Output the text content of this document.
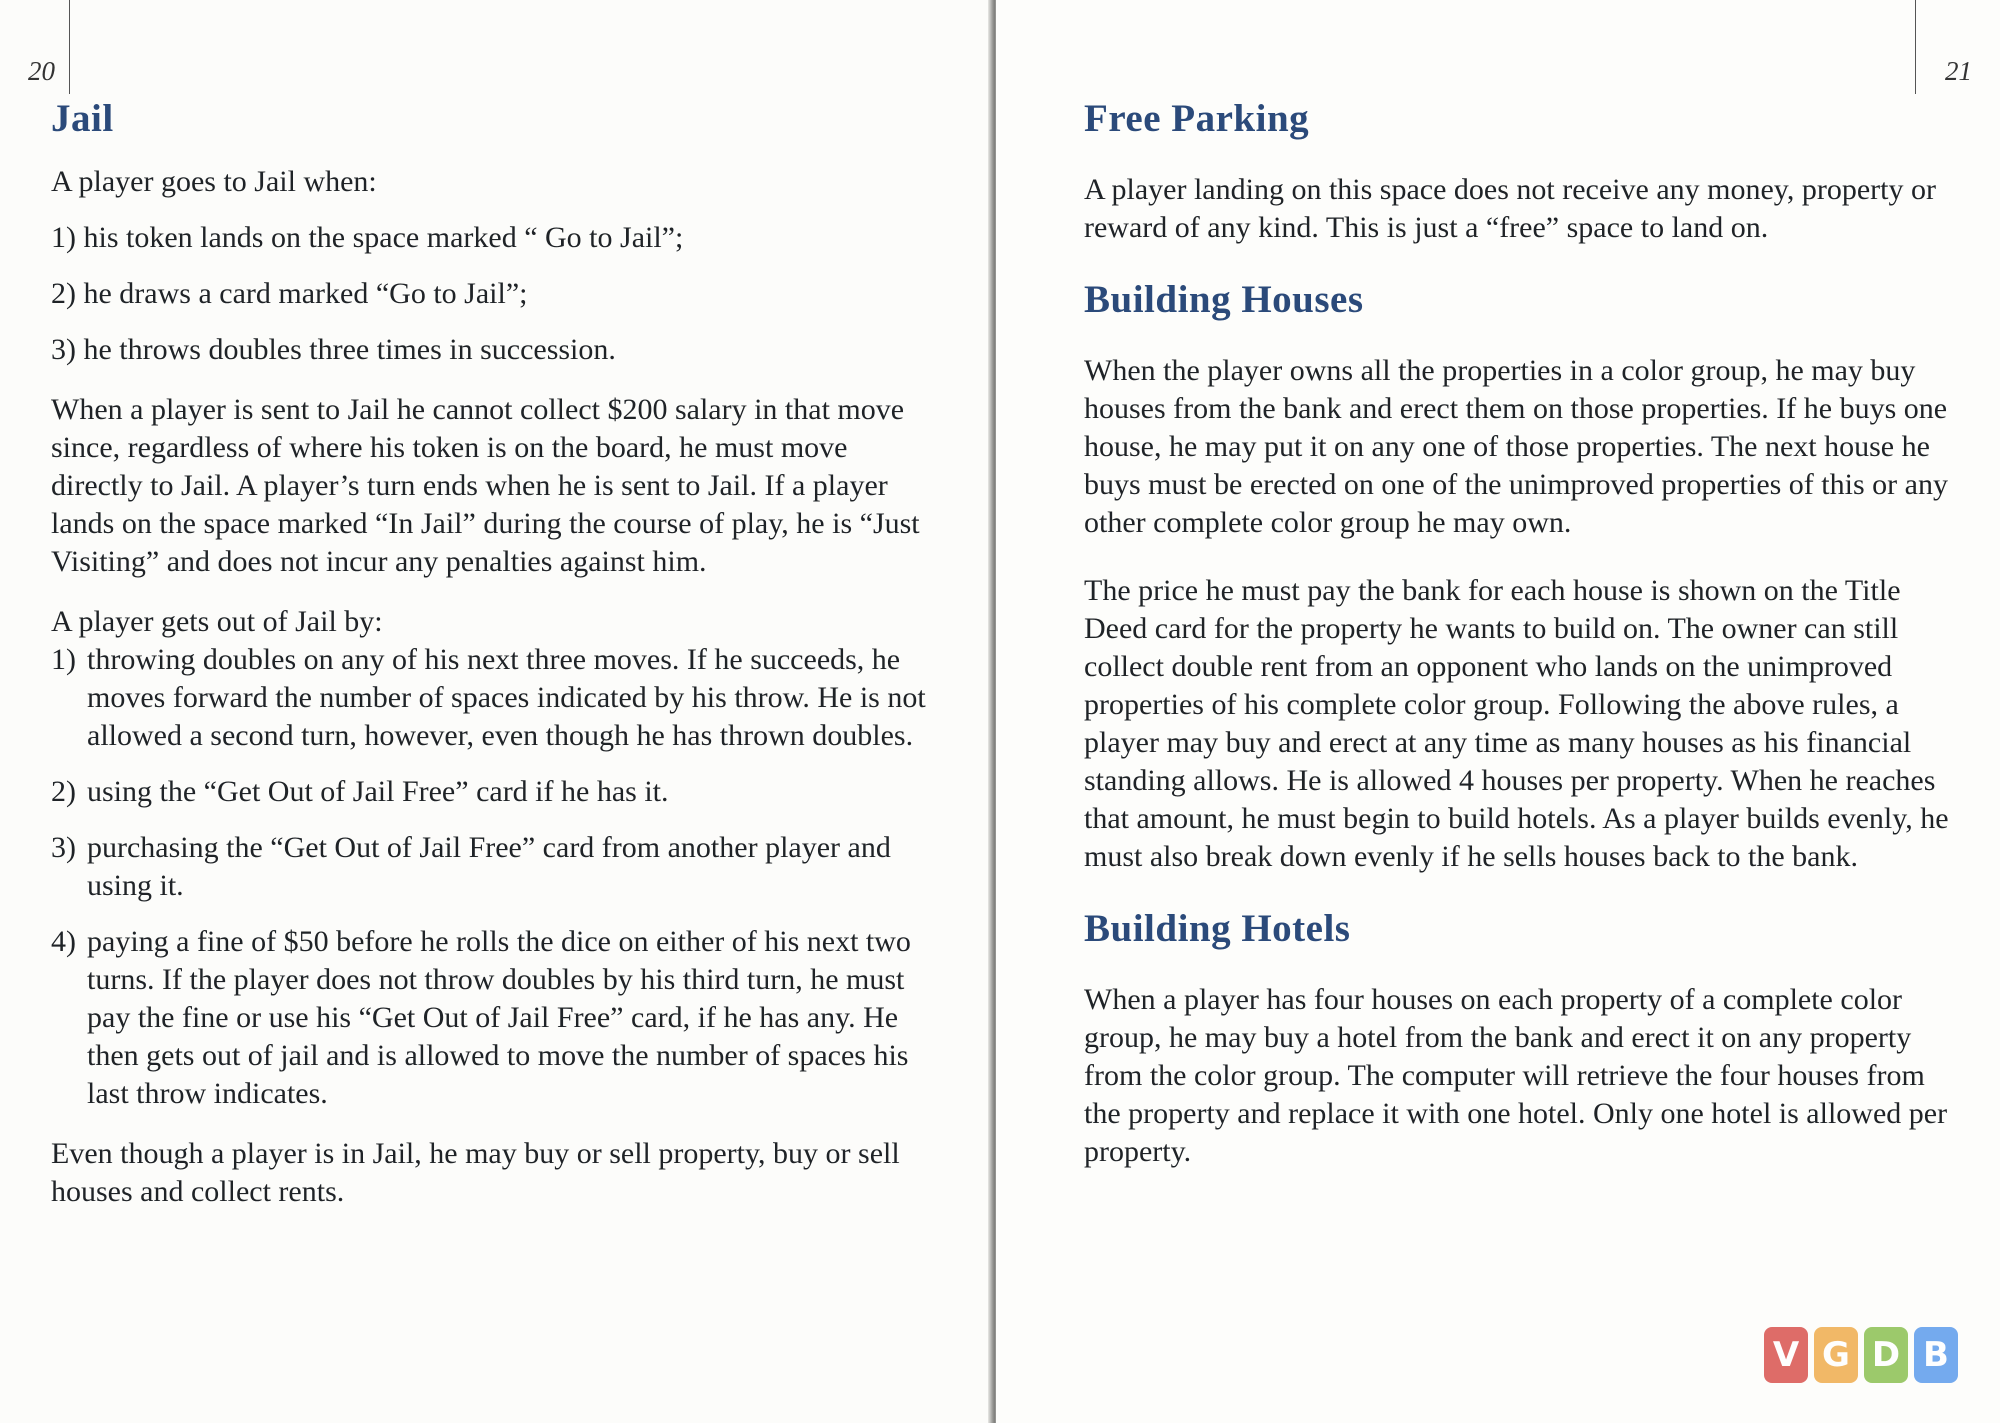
20
Jail

A player goes to Jail when:

1) his token lands on the space marked “ Go to Jail”;

2) he draws a card marked “Go to Jail”;

3) he throws doubles three times in succession.

When a player is sent to Jail he cannot collect $200 salary in that move since, regardless of where his token is on the board, he must move directly to Jail. A player’s turn ends when he is sent to Jail. If a player lands on the space marked “In Jail” during the course of play, he is “Just Visiting” and does not incur any penalties against him.

A player gets out of Jail by:

1) throwing doubles on any of his next three moves. If he succeeds, he moves forward the number of spaces indicated by his throw. He is not allowed a second turn, however, even though he has thrown doubles.
2) using the “Get Out of Jail Free” card if he has it.
3) purchasing the “Get Out of Jail Free” card from another player and using it.
4) paying a fine of $50 before he rolls the dice on either of his next two turns. If the player does not throw doubles by his third turn, he must pay the fine or use his “Get Out of Jail Free” card, if he has any. He then gets out of jail and is allowed to move the number of spaces his last throw indicates.

Even though a player is in Jail, he may buy or sell property, buy or sell houses and collect rents.

21
Free Parking

A player landing on this space does not receive any money, property or reward of any kind. This is just a “free” space to land on.

Building Houses

When the player owns all the properties in a color group, he may buy houses from the bank and erect them on those properties. If he buys one house, he may put it on any one of those properties. The next house he buys must be erected on one of the unimproved properties of this or any other complete color group he may own.

The price he must pay the bank for each house is shown on the Title Deed card for the property he wants to build on. The owner can still collect double rent from an opponent who lands on the unimproved properties of his complete color group. Following the above rules, a player may buy and erect at any time as many houses as his financial standing allows. He is allowed 4 houses per property. When he reaches that amount, he must begin to build hotels. As a player builds evenly, he must also break down evenly if he sells houses back to the bank.

Building Hotels

When a player has four houses on each property of a complete color group, he may buy a hotel from the bank and erect it on any property from the color group. The computer will retrieve the four houses from the property and replace it with one hotel. Only one hotel is allowed per property.

V G D B
